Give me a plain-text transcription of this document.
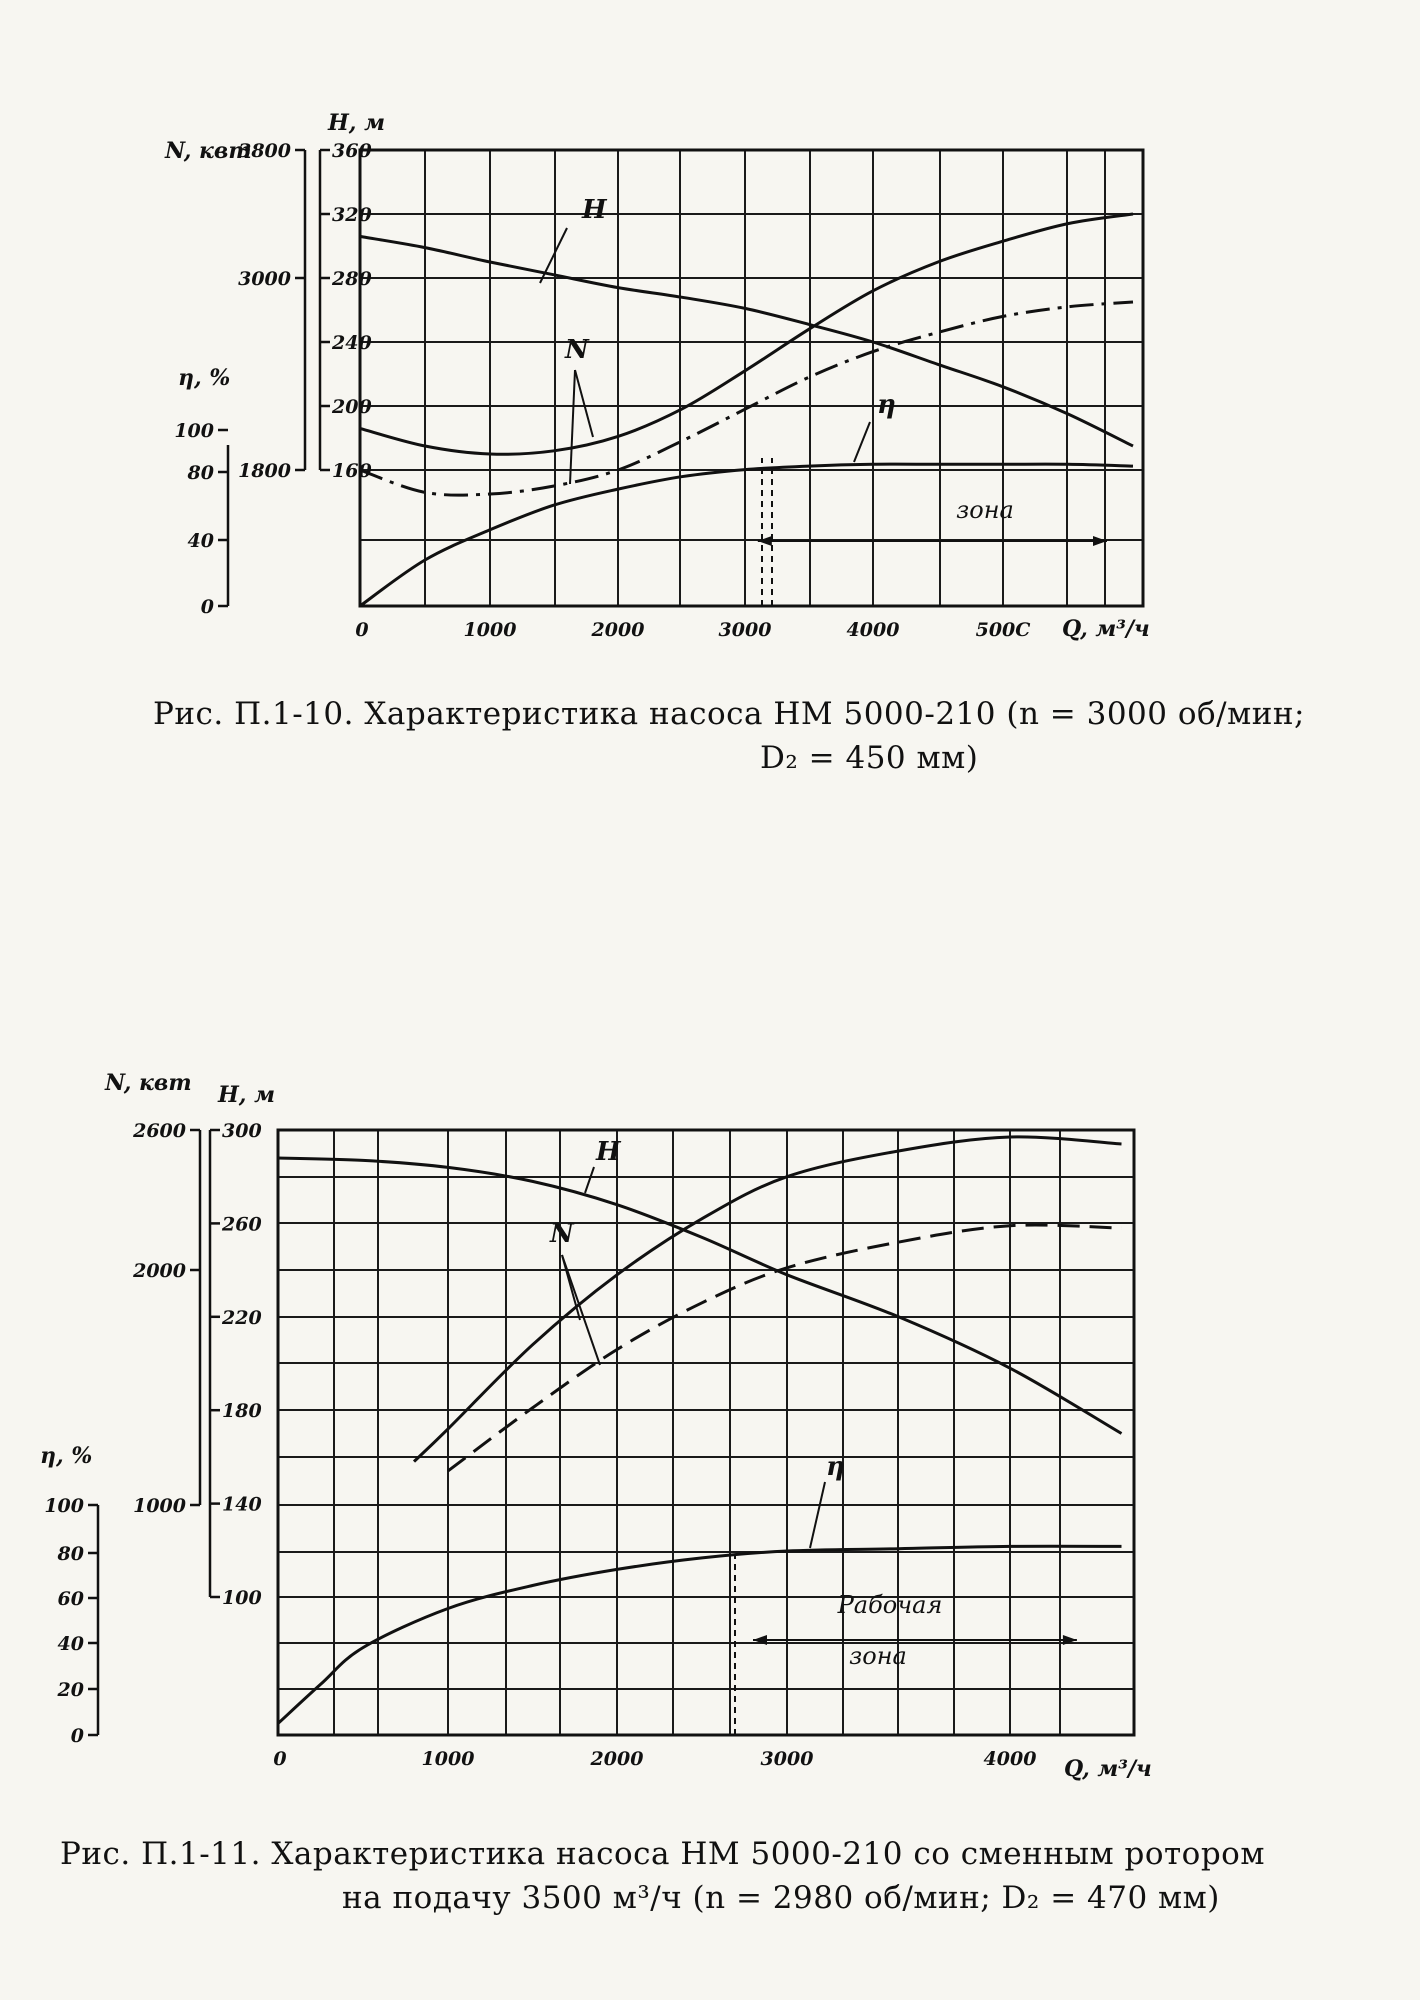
0	1000	2000	3000	4000	500C Q, м³/ч
360
320
280
240
200
160
Н, м
3800
3000
1800
N, квт
100
80
40
0
η, %
H
N
η
зона
0	1000	2000	3000	4000 Q, м³/ч
300
260
220
180
140
100
Н, м
2600
2000
1000
N, квт
100
80
60
40
20
0
η, %
H
N
η
Рабочая
зона
Рис. П.1-10. Характеристика насоса НМ 5000-210 (n = 3000 об/мин;
D₂ = 450 мм)
Рис. П.1-11. Характеристика насоса НМ 5000-210 со сменным ротором
на подачу 3500 м³/ч (n = 2980 об/мин; D₂ = 470 мм)
